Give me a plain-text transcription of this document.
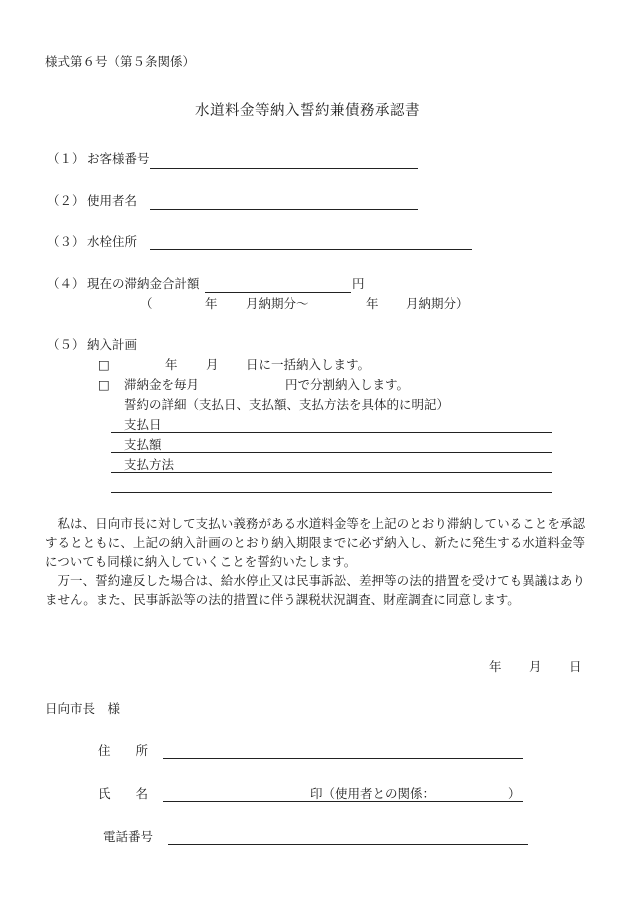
様式第６号（第５条関係）
水道料金等納入誓約兼債務承認書
（１） お客様番号
（２） 使用者名
（３） 水栓住所
（４） 現在の滞納金合計額	円
（	年 月納期分～	年 月納期分）
（５） 納入計画
□	年 月 日に一括納入します。
□ 滞納金を毎月	円で分割納入します。
誓約の詳細（支払日、支払額、支払方法を具体的に明記）
支払日
支払額
支払方法

私は、日向市長に対して支払い義務がある水道料金等を上記のとおり滞納していることを承認するとともに、上記の納入計画のとおり納入期限までに必ず納入し、新たに発生する水道料金等についても同様に納入していくことを誓約いたします。

万一、誓約違反した場合は、給水停止又は民事訴訟、差押等の法的措置を受けても異議はありません。また、民事訴訟等の法的措置に伴う課税状況調査、財産調査に同意します。

年 月 日
日向市長　様
住　　所
氏　　名	印（使用者との関係：	）
電話番号
